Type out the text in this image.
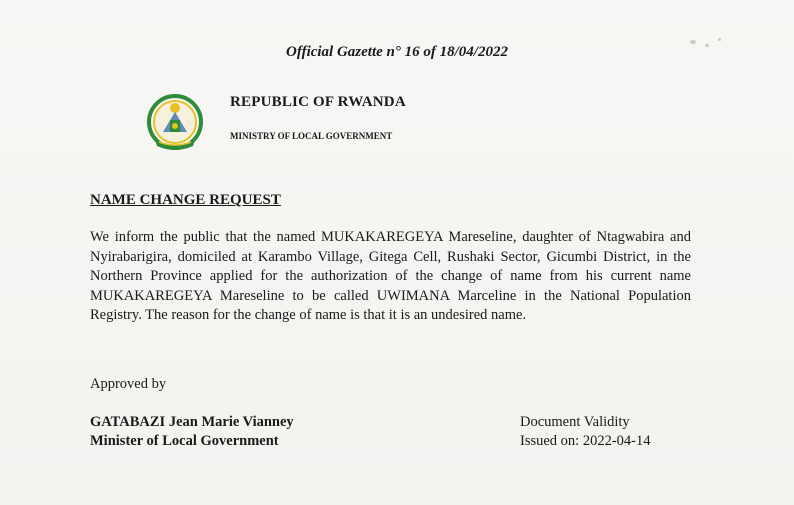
Official Gazette n° 16 of 18/04/2022
REPUBLIC OF RWANDA
MINISTRY OF LOCAL GOVERNMENT
NAME CHANGE REQUEST
We inform the public that the named MUKAKAREGEYA Mareseline, daughter of Ntagwabira and Nyirabarigira, domiciled at Karambo Village, Gitega Cell, Rushaki Sector, Gicumbi District, in the Northern Province applied for the authorization of the change of name from his current name MUKAKAREGEYA Mareseline to be called UWIMANA Marceline in the National Population Registry. The reason for the change of name is that it is an undesired name.
Approved by
GATABAZI Jean Marie Vianney
Minister of Local Government
Document Validity
Issued on: 2022-04-14
